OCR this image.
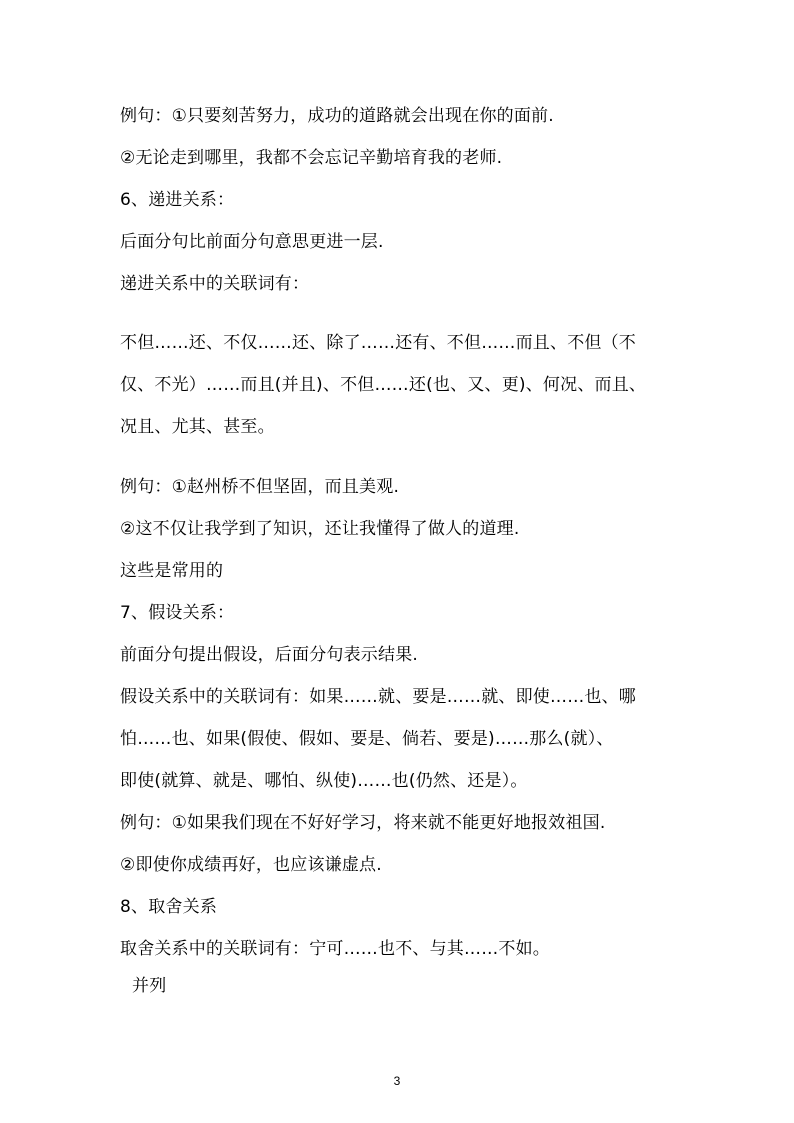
例句：①只要刻苦努力，成功的道路就会出现在你的面前.
②无论走到哪里，我都不会忘记辛勤培育我的老师.
6、递进关系：
后面分句比前面分句意思更进一层.
递进关系中的关联词有：
不但……还、不仅……还、除了……还有、不但……而且、不但（不
仅、不光）……而且(并且)、不但……还(也、又、更)、何况、而且、
况且、尤其、甚至。
例句：①赵州桥不但坚固，而且美观.
②这不仅让我学到了知识，还让我懂得了做人的道理.
这些是常用的
7、假设关系：
前面分句提出假设，后面分句表示结果.
假设关系中的关联词有：如果……就、要是……就、即使……也、哪
怕……也、如果(假使、假如、要是、倘若、要是)……那么(就）、
即使(就算、就是、哪怕、纵使)……也(仍然、还是）。
例句：①如果我们现在不好好学习，将来就不能更好地报效祖国.
②即使你成绩再好，也应该谦虚点.
8、取舍关系
取舍关系中的关联词有：宁可……也不、与其……不如。
并列
3
